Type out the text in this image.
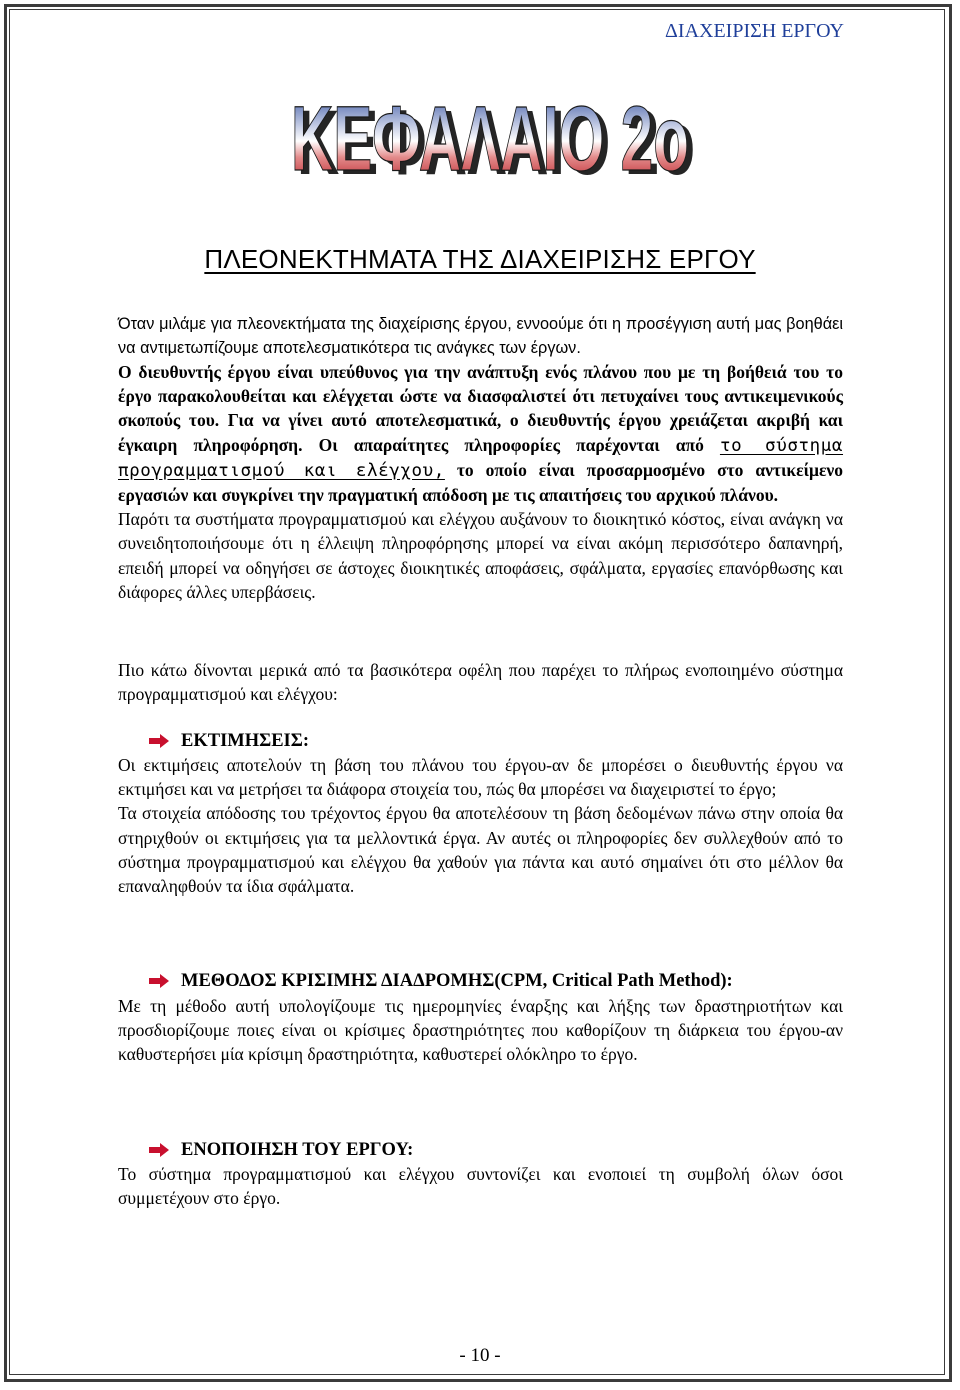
ΔΙΑΧΕΙΡΙΣΗ ΕΡΓΟΥ
ΚΕΦΑΛΑΙΟ 2ο
ΚΕΦΑΛΑΙΟ 2ο
ΠΛΕΟΝΕΚΤΗΜΑΤΑ ΤΗΣ ΔΙΑΧΕΙΡΙΣΗΣ ΕΡΓΟΥ

Όταν μιλάμε για πλεονεκτήματα της διαχείρισης έργου, εννοούμε ότι η προσέγγιση αυτή μας βοηθάει να αντιμετωπίζουμε αποτελεσματικότερα τις ανάγκες των έργων.

Ο διευθυντής έργου είναι υπεύθυνος για την ανάπτυξη ενός πλάνου που με τη βοήθειά του το έργο παρακολουθείται και ελέγχεται ώστε να διασφαλιστεί ότι πετυχαίνει τους αντικειμενικούς σκοπούς του. Για να γίνει αυτό αποτελεσματικά, ο διευθυντής έργου χρειάζεται ακριβή και έγκαιρη πληροφόρηση. Οι απαραίτητες πληροφορίες παρέχονται από το σύστημα προγραμματισμού και ελέγχου, το οποίο είναι προσαρμοσμένο στο αντικείμενο εργασιών και συγκρίνει την πραγματική απόδοση με τις απαιτήσεις του αρχικού πλάνου.

Παρότι τα συστήματα προγραμματισμού και ελέγχου αυξάνουν το διοικητικό κόστος, είναι ανάγκη να συνειδητοποιήσουμε ότι η έλλειψη πληροφόρησης μπορεί να είναι ακόμη περισσότερο δαπανηρή, επειδή μπορεί να οδηγήσει σε άστοχες διοικητικές αποφάσεις, σφάλματα, εργασίες επανόρθωσης και διάφορες άλλες υπερβάσεις.

Πιο κάτω δίνονται μερικά από τα βασικότερα οφέλη που παρέχει το πλήρως ενοποιημένο σύστημα προγραμματισμού και ελέγχου:
ΕΚΤΙΜΗΣΕΙΣ:

Οι εκτιμήσεις αποτελούν τη βάση του πλάνου του έργου-αν δε μπορέσει ο διευθυντής έργου να εκτιμήσει και να μετρήσει τα διάφορα στοιχεία του, πώς θα μπορέσει να διαχειριστεί το έργο;

Τα στοιχεία απόδοσης του τρέχοντος έργου θα αποτελέσουν τη βάση δεδομένων πάνω στην οποία θα στηριχθούν οι εκτιμήσεις για τα μελλοντικά έργα. Αν αυτές οι πληροφορίες δεν συλλεχθούν από το σύστημα προγραμματισμού και ελέγχου θα χαθούν για πάντα και αυτό σημαίνει ότι στο μέλλον θα επαναληφθούν τα ίδια σφάλματα.

ΜΕΘΟΔΟΣ ΚΡΙΣΙΜΗΣ ΔΙΑΔΡΟΜΗΣ(CPM, Critical Path Method):

Με τη μέθοδο αυτή υπολογίζουμε τις ημερομηνίες έναρξης και λήξης των δραστηριοτήτων και προσδιορίζουμε ποιες είναι οι κρίσιμες δραστηριότητες που καθορίζουν τη διάρκεια του έργου-αν καθυστερήσει μία κρίσιμη δραστηριότητα, καθυστερεί ολόκληρο το έργο.

ΕΝΟΠΟΙΗΣΗ ΤΟΥ ΕΡΓΟΥ:

Το σύστημα προγραμματισμού και ελέγχου συντονίζει και ενοποιεί τη συμβολή όλων όσοι συμμετέχουν στο έργο.

- 10 -
